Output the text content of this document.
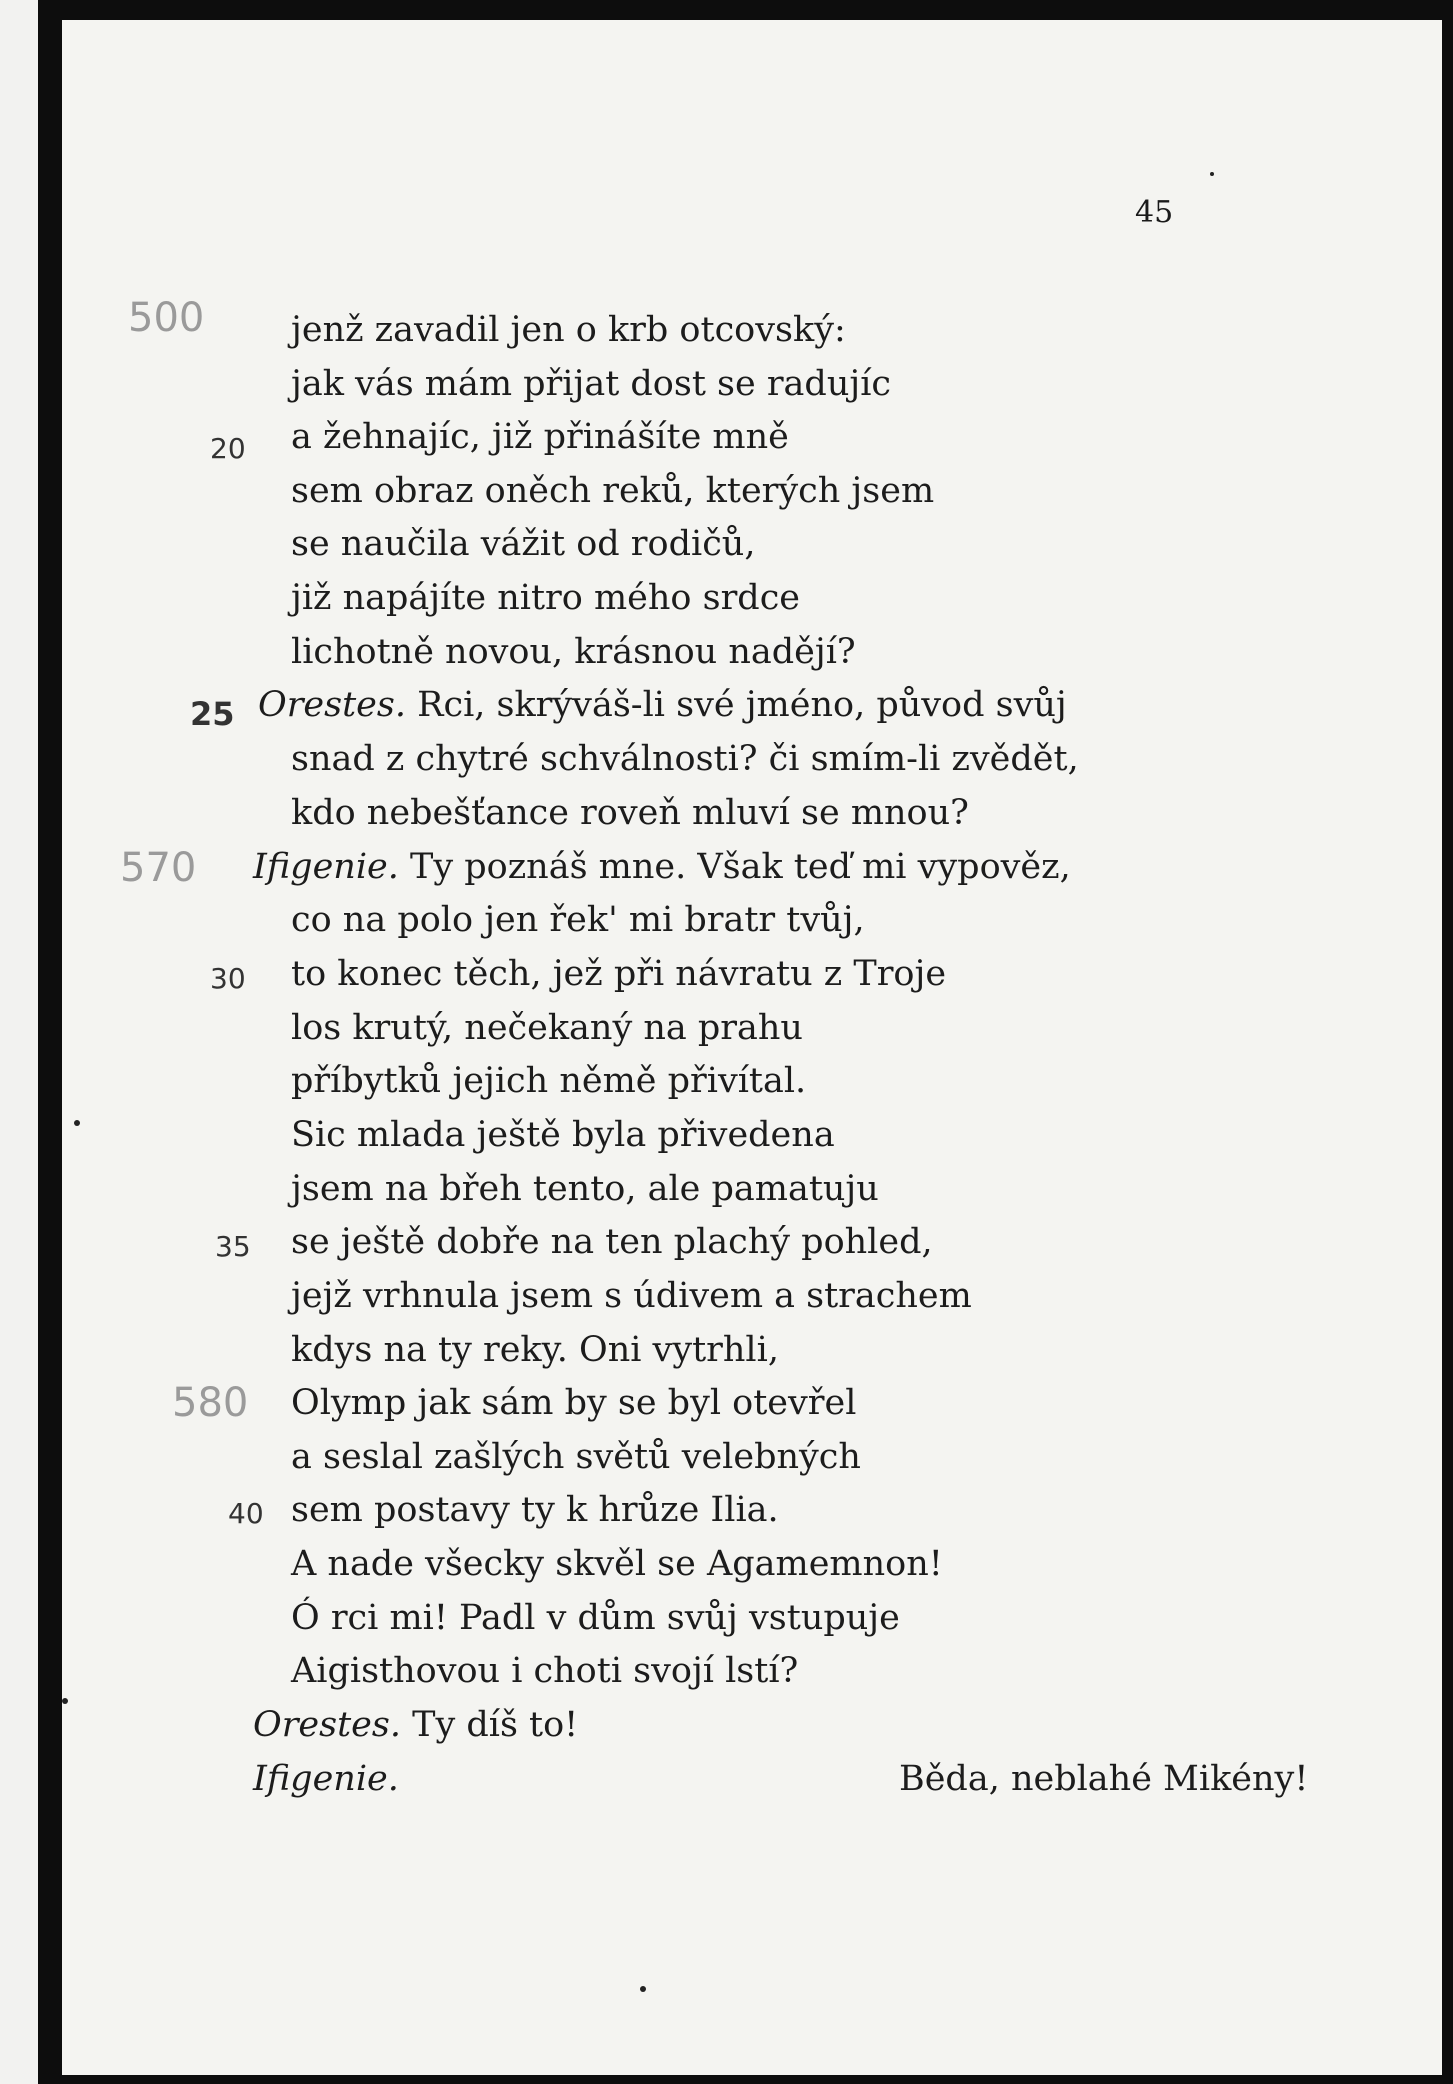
45
500
20
25
570
30
35
580
40
jenž zavadil jen o krb otcovský:
jak vás mám přijat dost se radujíc
a žehnajíc, již přinášíte mně
sem obraz oněch reků, kterých jsem
se naučila vážit od rodičů,
již napájíte nitro mého srdce
lichotně novou, krásnou nadějí?
Orestes. Rci, skrýváš-li své jméno, původ svůj
snad z chytré schválnosti? či smím-li zvědět,
kdo nebešťance roveň mluví se mnou?
Ifigenie. Ty poznáš mne. Však teď mi vypověz,
co na polo jen řek' mi bratr tvůj,
to konec těch, jež při návratu z Troje
los krutý, nečekaný na prahu
příbytků jejich němě přivítal.
Sic mlada ještě byla přivedena
jsem na břeh tento, ale pamatuju
se ještě dobře na ten plachý pohled,
jejž vrhnula jsem s údivem a strachem
kdys na ty reky. Oni vytrhli,
Olymp jak sám by se byl otevřel
a seslal zašlých světů velebných
sem postavy ty k hrůze Ilia.
A nade všecky skvěl se Agamemnon!
Ó rci mi! Padl v dům svůj vstupuje
Aigisthovou i choti svojí lstí?
Orestes. Ty díš to!
Ifigenie.	Běda, neblahé Mikény!
